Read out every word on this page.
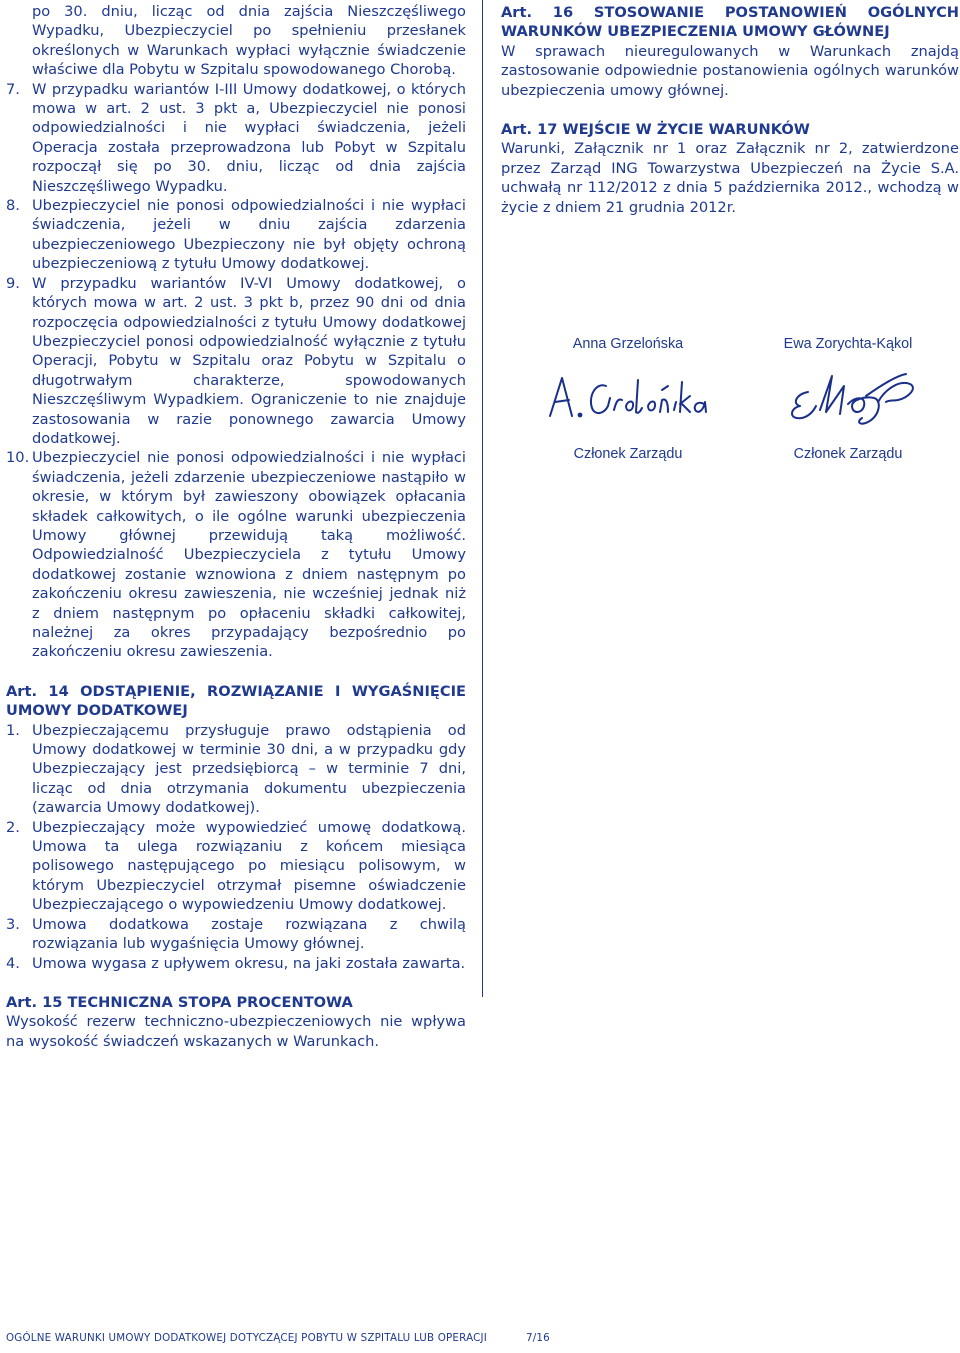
po 30. dniu, licząc od dnia zajścia Nieszczęśliwego Wypadku, Ubezpieczyciel po spełnieniu przesłanek określonych w Warunkach wypłaci wyłącznie świadczenie właściwe dla Pobytu w Szpitalu spowodowanego Chorobą.

7. W przypadku wariantów I-III Umowy dodatkowej, o których mowa w art. 2 ust. 3 pkt a, Ubezpieczyciel nie ponosi odpowiedzialności i nie wypłaci świadczenia, jeżeli Operacja została przeprowadzona lub Pobyt w Szpitalu rozpoczął się po 30. dniu, licząc od dnia zajścia Nieszczęśliwego Wypadku.
8. Ubezpieczyciel nie ponosi odpowiedzialności i nie wypłaci świadczenia, jeżeli w dniu zajścia zdarzenia ubezpieczeniowego Ubezpieczony nie był objęty ochroną ubezpieczeniową z tytułu Umowy dodatkowej.
9. W przypadku wariantów IV-VI Umowy dodatkowej, o których mowa w art. 2 ust. 3 pkt b, przez 90 dni od dnia rozpoczęcia odpowiedzialności z tytułu Umowy dodatkowej Ubezpieczyciel ponosi odpowiedzialność wyłącznie z tytułu Operacji, Pobytu w Szpitalu oraz Pobytu w Szpitalu o długotrwałym charakterze, spowodowanych Nieszczęśliwym Wypadkiem. Ograniczenie to nie znajduje zastosowania w razie ponownego zawarcia Umowy dodatkowej.
10. Ubezpieczyciel nie ponosi odpowiedzialności i nie wypłaci świadczenia, jeżeli zdarzenie ubezpieczeniowe nastąpiło w okresie, w którym był zawieszony obowiązek opłacania składek całkowitych, o ile ogólne warunki ubezpieczenia Umowy głównej przewidują taką możliwość. Odpowiedzialność Ubezpieczyciela z tytułu Umowy dodatkowej zostanie wznowiona z dniem następnym po zakończeniu okresu zawieszenia, nie wcześniej jednak niż z dniem następnym po opłaceniu składki całkowitej, należnej za okres przypadający bezpośrednio po zakończeniu okresu zawieszenia.

Art. 14 ODSTĄPIENIE, ROZWIĄZANIE I WYGAŚNIĘCIE UMOWY DODATKOWEJ

1. Ubezpieczającemu przysługuje prawo odstąpienia od Umowy dodatkowej w terminie 30 dni, a w przypadku gdy Ubezpieczający jest przedsiębiorcą – w terminie 7 dni, licząc od dnia otrzymania dokumentu ubezpieczenia (zawarcia Umowy dodatkowej).
2. Ubezpieczający może wypowiedzieć umowę dodatkową. Umowa ta ulega rozwiązaniu z końcem miesiąca polisowego następującego po miesiącu polisowym, w którym Ubezpieczyciel otrzymał pisemne oświadczenie Ubezpieczającego o wypowiedzeniu Umowy dodatkowej.
3. Umowa dodatkowa zostaje rozwiązana z chwilą rozwiązania lub wygaśnięcia Umowy głównej.
4. Umowa wygasa z upływem okresu, na jaki została zawarta.

Art. 15 TECHNICZNA STOPA PROCENTOWA

Wysokość rezerw techniczno-ubezpieczeniowych nie wpływa na wysokość świadczeń wskazanych w Warunkach.

Art. 16 STOSOWANIE POSTANOWIEŃ OGÓLNYCH WARUNKÓW UBEZPIECZENIA UMOWY GŁÓWNEJ

W sprawach nieuregulowanych w Warunkach znajdą zastosowanie odpowiednie postanowienia ogólnych warunków ubezpieczenia umowy głównej.

Art. 17 WEJŚCIE W ŻYCIE WARUNKÓW

Warunki, Załącznik nr 1 oraz Załącznik nr 2, zatwierdzone przez Zarząd ING Towarzystwa Ubezpieczeń na Życie S.A. uchwałą nr 112/2012 z dnia 5 października 2012., wchodzą w życie z dniem 21 grudnia 2012r.

Anna Grzelońska
Członek Zarządu
Ewa Zorychta-Kąkol
Członek Zarządu
OGÓLNE WARUNKI UMOWY DODATKOWEJ DOTYCZĄCEJ POBYTU W SZPITALU LUB OPERACJI	7/16
